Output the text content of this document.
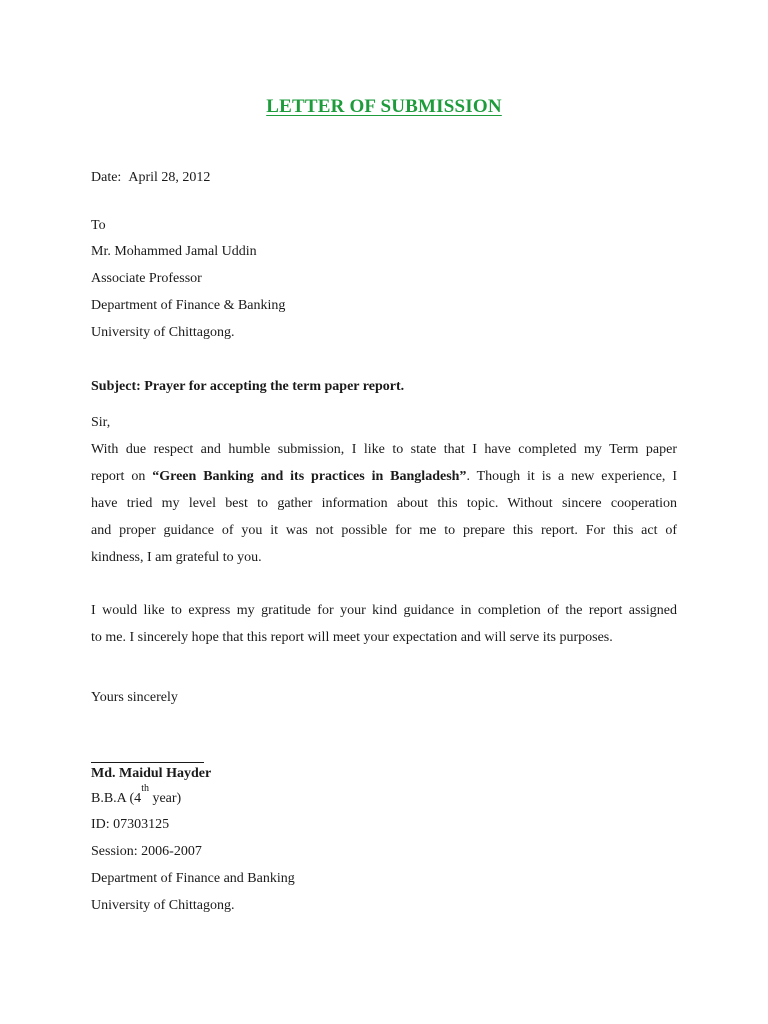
LETTER OF SUBMISSION
Date: April 28, 2012
To
Mr. Mohammed Jamal Uddin
Associate Professor
Department of Finance & Banking
University of Chittagong.
Subject: Prayer for accepting the term paper report.
Sir,
With due respect and humble submission, I like to state that I have completed my Term paper
report on “Green Banking and its practices in Bangladesh”. Though it is a new experience, I
have tried my level best to gather information about this topic. Without sincere cooperation
and proper guidance of you it was not possible for me to prepare this report. For this act of
kindness, I am grateful to you.
I would like to express my gratitude for your kind guidance in completion of the report assigned
to me. I sincerely hope that this report will meet your expectation and will serve its purposes.
Yours sincerely
Md. Maidul Hayder
B.B.A (4th year)
ID: 07303125
Session: 2006-2007
Department of Finance and Banking
University of Chittagong.
